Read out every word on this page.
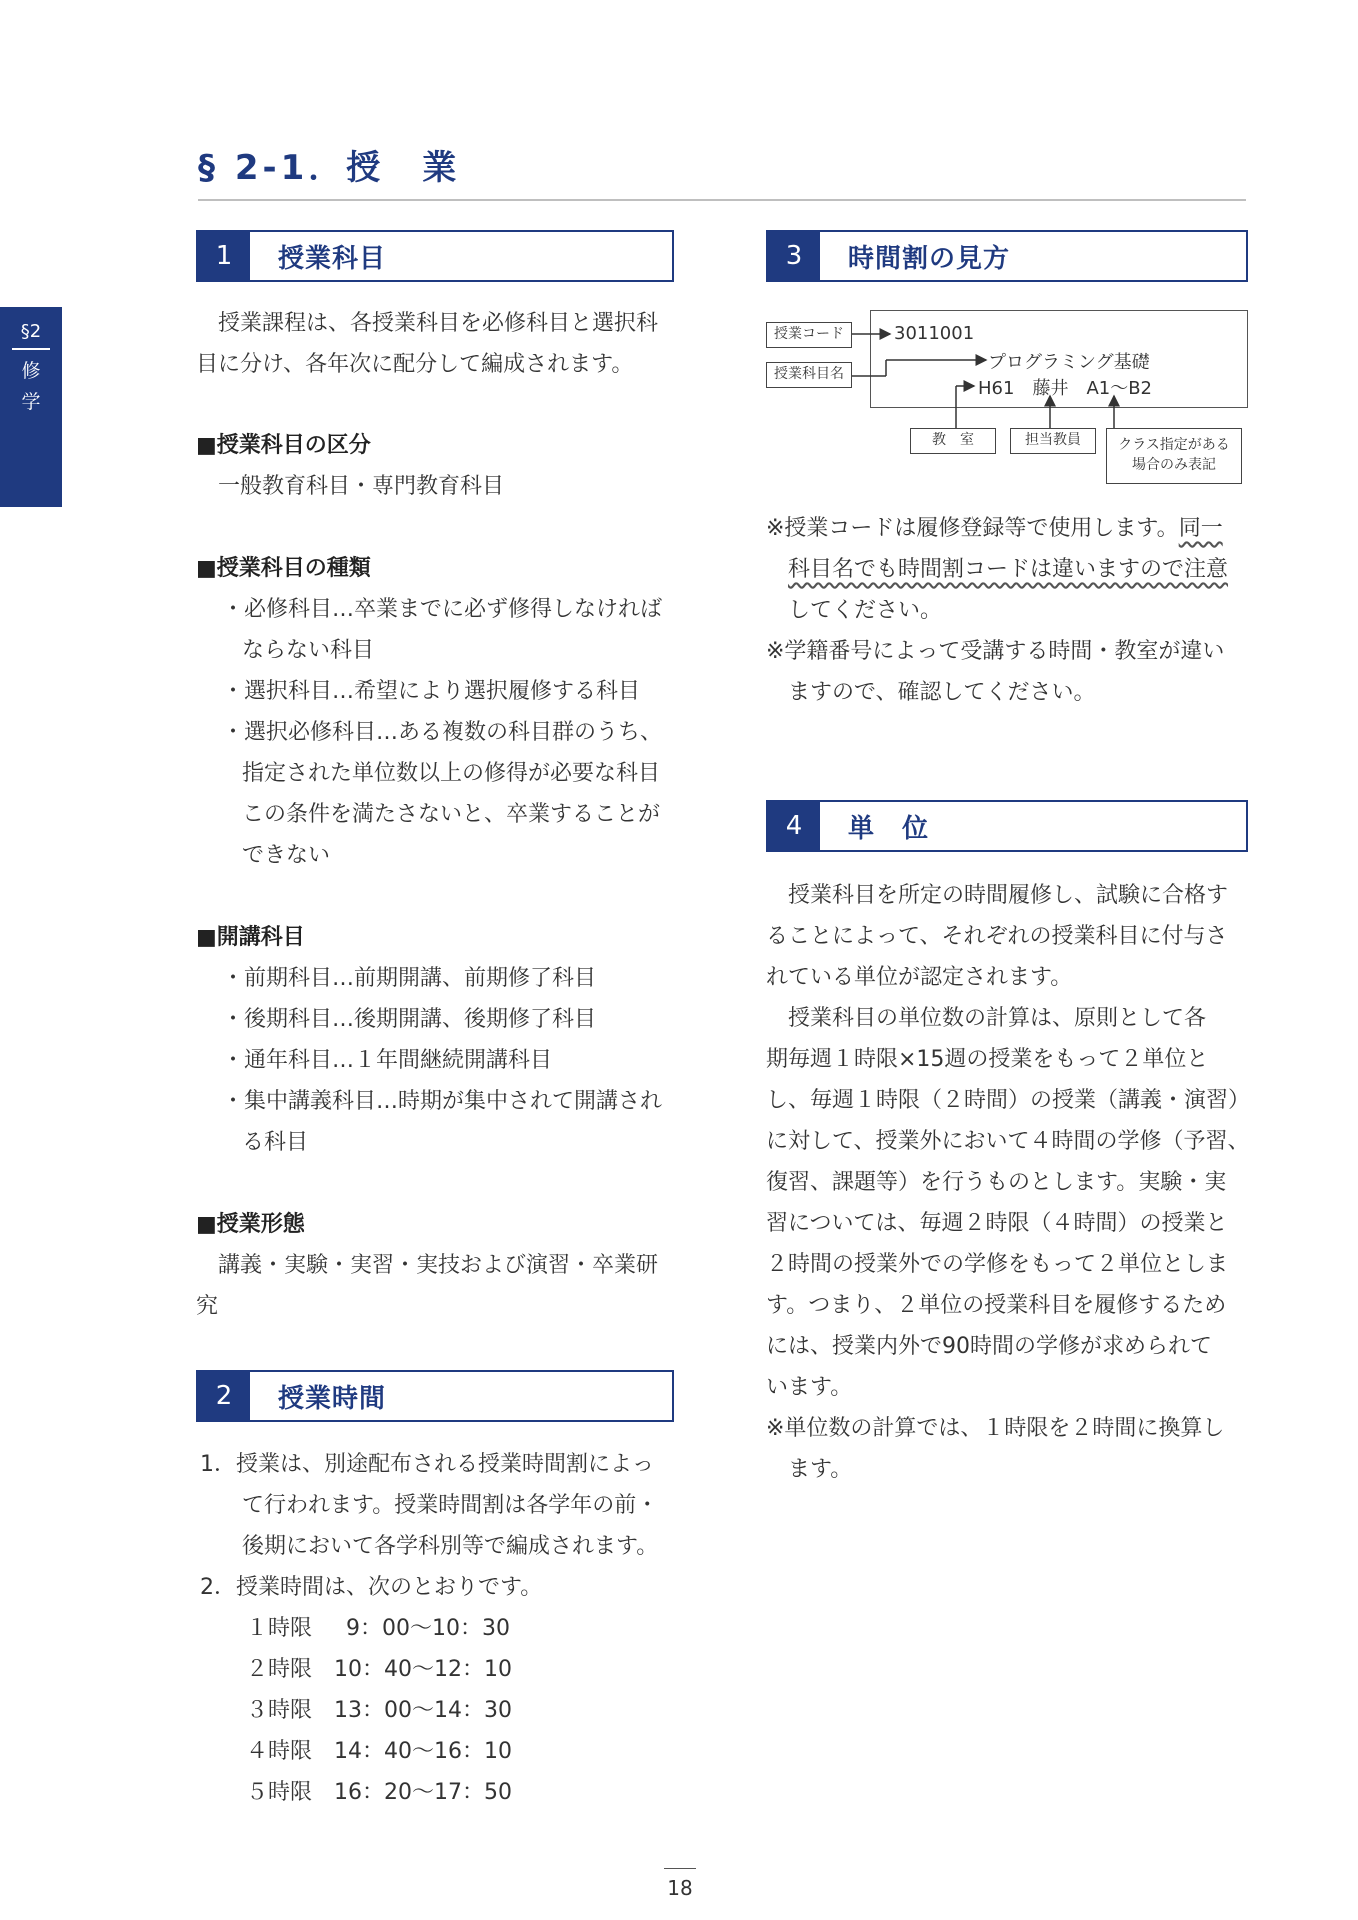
§2
修
学
§ 2-1．授　業
1	授業科目
授業課程は、各授業科目を必修科目と選択科
目に分け、各年次に配分して編成されます。
■授業科目の区分
一般教育科目・専門教育科目
■授業科目の種類
・必修科目…卒業までに必ず修得しなければ
ならない科目
・選択科目…希望により選択履修する科目
・選択必修科目…ある複数の科目群のうち、
指定された単位数以上の修得が必要な科目
この条件を満たさないと、卒業することが
できない
■開講科目
・前期科目…前期開講、前期修了科目
・後期科目…後期開講、後期修了科目
・通年科目…１年間継続開講科目
・集中講義科目…時期が集中されて開講され
る科目
■授業形態
講義・実験・実習・実技および演習・卒業研
究
2	授業時間
1．授業は、別途配布される授業時間割によっ
て行われます。授業時間割は各学年の前・
後期において各学科別等で編成されます。
2．授業時間は、次のとおりです。
１時限 9：00〜10：30
２時限 10：40〜12：10
３時限 13：00〜14：30
４時限 14：40〜16：10
５時限 16：20〜17：50
3	時間割の見方
授業コード
授業科目名
3011001
プログラミング基礎
H61　藤井　A1〜B2
教　室	担当教員	クラス指定がある
場合のみ表記
※授業コードは履修登録等で使用します。同一
科目名でも時間割コードは違いますので注意
してください。
※学籍番号によって受講する時間・教室が違い
ますので、確認してください。
4	単　位
授業科目を所定の時間履修し、試験に合格す
ることによって、それぞれの授業科目に付与さ
れている単位が認定されます。
授業科目の単位数の計算は、原則として各
期毎週１時限×15週の授業をもって２単位と
し、毎週１時限（２時間）の授業（講義・演習）
に対して、授業外において４時間の学修（予習、
復習、課題等）を行うものとします。実験・実
習については、毎週２時限（４時間）の授業と
２時間の授業外での学修をもって２単位としま
す。つまり、２単位の授業科目を履修するため
には、授業内外で90時間の学修が求められて
います。
※単位数の計算では、１時限を２時間に換算し
ます。
18
